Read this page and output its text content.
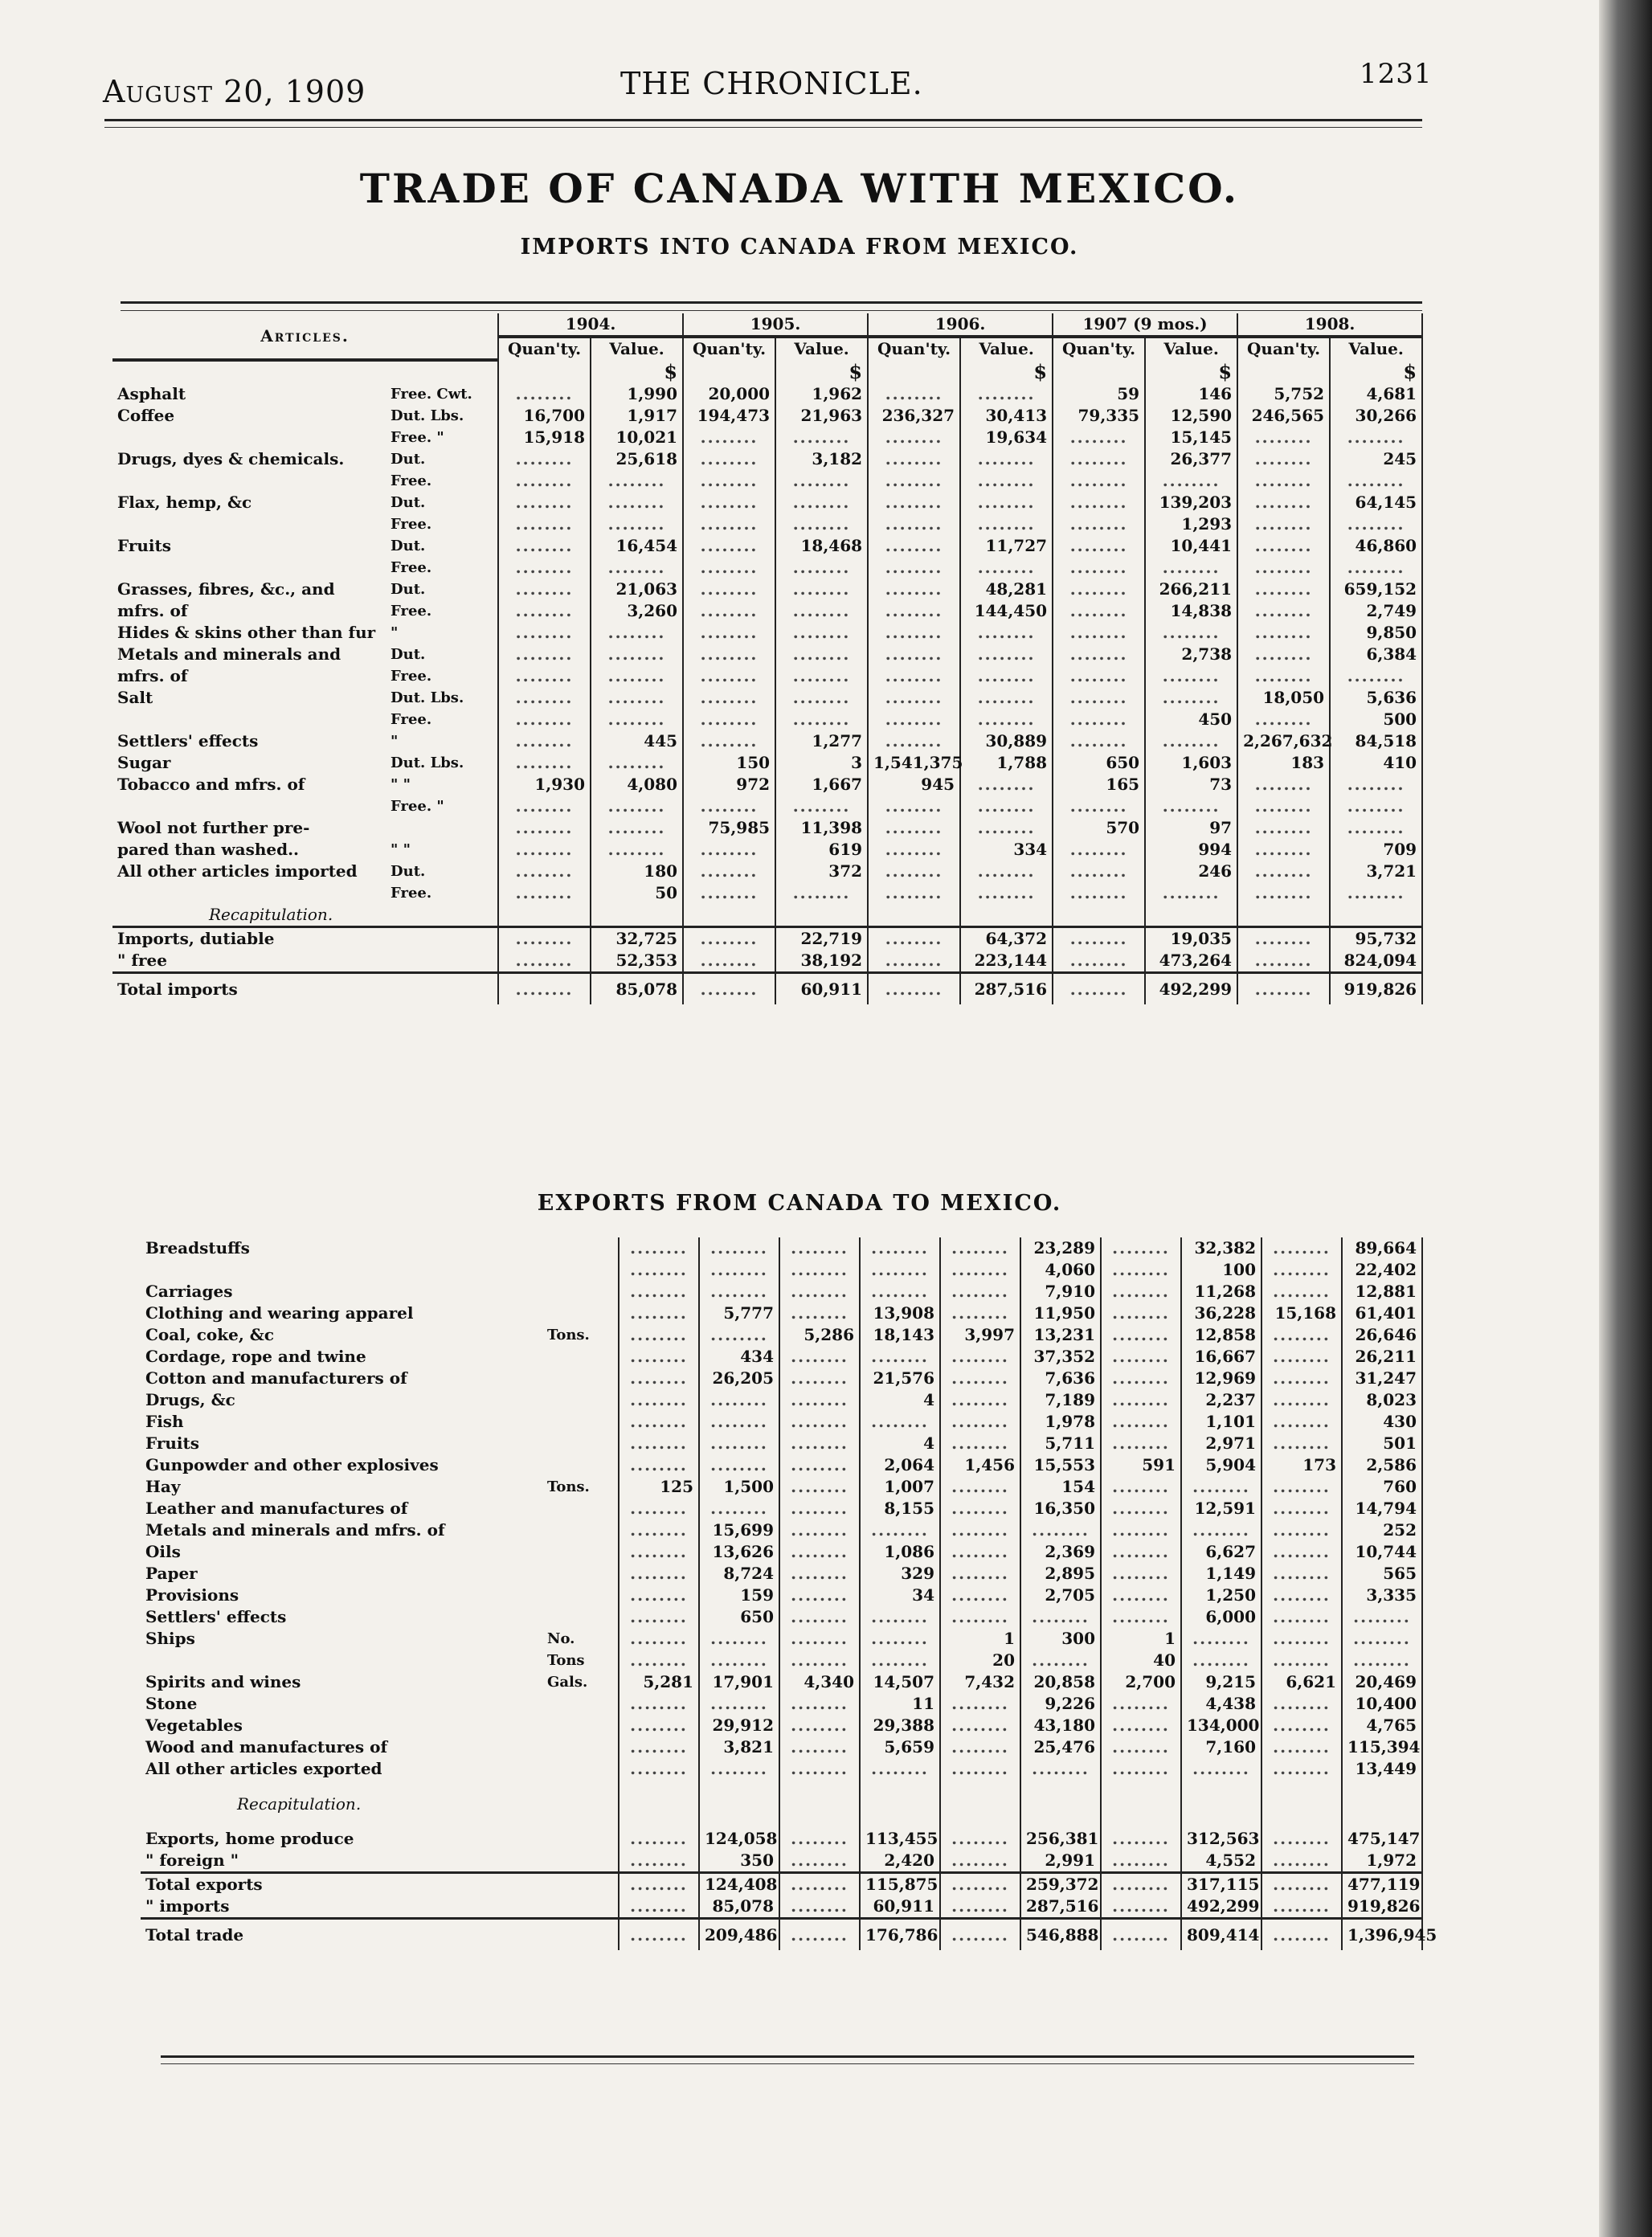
August 20, 1909	THE CHRONICLE.	1231
TRADE OF CANADA WITH MEXICO.
IMPORTS INTO CANADA FROM MEXICO.
Articles.		1904.		1905.		1906.		1907 (9 mos.)		1908.	
		Quan'ty.	Value.	Quan'ty.	Value.	Quan'ty.	Value.	Quan'ty.	Value.	Quan'ty.	Value.
			$		$		$		$		$
Asphalt	Free. Cwt.	........	1,990	20,000	1,962	........	........	59	146	5,752	4,681
Coffee	Dut. Lbs.	16,700	1,917	194,473	21,963	236,327	30,413	79,335	12,590	246,565	30,266
	Free. "	15,918	10,021	........	........	........	19,634	........	15,145	........	........
Drugs, dyes & chemicals.	Dut.	........	25,618	........	3,182	........	........	........	26,377	........	245
	Free.	........	........	........	........	........	........	........	........	........	........
Flax, hemp, &c	Dut.	........	........	........	........	........	........	........	139,203	........	64,145
	Free.	........	........	........	........	........	........	........	1,293	........	........
Fruits	Dut.	........	16,454	........	18,468	........	11,727	........	10,441	........	46,860
	Free.	........	........	........	........	........	........	........	........	........	........
Grasses, fibres, &c., and	Dut.	........	21,063	........	........	........	48,281	........	266,211	........	659,152
mfrs. of	Free.	........	3,260	........	........	........	144,450	........	14,838	........	2,749
Hides & skins other than fur	"	........	........	........	........	........	........	........	........	........	9,850
Metals and minerals and	Dut.	........	........	........	........	........	........	........	2,738	........	6,384
mfrs. of	Free.	........	........	........	........	........	........	........	........	........	........
Salt	Dut. Lbs.	........	........	........	........	........	........	........	........	18,050	5,636
	Free.	........	........	........	........	........	........	........	450	........	500
Settlers' effects	"	........	445	........	1,277	........	30,889	........	........	2,267,632	84,518
Sugar	Dut. Lbs.	........	........	150	3	1,541,375	1,788	650	1,603	183	410
Tobacco and mfrs. of	" "	1,930	4,080	972	1,667	945	........	165	73	........	........
	Free. "	........	........	........	........	........	........	........	........	........	........
Wool not further pre-		........	........	75,985	11,398	........	........	570	97	........	........
pared than washed..	" "	........	........	........	619	........	334	........	994	........	709
All other articles imported	Dut.	........	180	........	372	........	........	........	246	........	3,721
	Free.	........	50	........	........	........	........	........	........	........	........
Recapitulation.											
Imports, dutiable		........	32,725	........	22,719	........	64,372	........	19,035	........	95,732
" free		........	52,353	........	38,192	........	223,144	........	473,264	........	824,094
Total imports		........	85,078	........	60,911	........	287,516	........	492,299	........	919,826
EXPORTS FROM CANADA TO MEXICO.
Breadstuffs		........	........	........	........	........	23,289	........	32,382	........	89,664
		........	........	........	........	........	4,060	........	100	........	22,402
Carriages		........	........	........	........	........	7,910	........	11,268	........	12,881
Clothing and wearing apparel		........	5,777	........	13,908	........	11,950	........	36,228	15,168	61,401
Coal, coke, &c	Tons.	........	........	5,286	18,143	3,997	13,231	........	12,858	........	26,646
Cordage, rope and twine		........	434	........	........	........	37,352	........	16,667	........	26,211
Cotton and manufacturers of		........	26,205	........	21,576	........	7,636	........	12,969	........	31,247
Drugs, &c		........	........	........	4	........	7,189	........	2,237	........	8,023
Fish		........	........	........	........	........	1,978	........	1,101	........	430
Fruits		........	........	........	4	........	5,711	........	2,971	........	501
Gunpowder and other explosives		........	........	........	2,064	1,456	15,553	591	5,904	173	2,586
Hay	Tons.	125	1,500	........	1,007	........	154	........	........	........	760
Leather and manufactures of		........	........	........	8,155	........	16,350	........	12,591	........	14,794
Metals and minerals and mfrs. of		........	15,699	........	........	........	........	........	........	........	252
Oils		........	13,626	........	1,086	........	2,369	........	6,627	........	10,744
Paper		........	8,724	........	329	........	2,895	........	1,149	........	565
Provisions		........	159	........	34	........	2,705	........	1,250	........	3,335
Settlers' effects		........	650	........	........	........	........	........	6,000	........	........
Ships	No.	........	........	........	........	1	300	1	........	........	........
	Tons	........	........	........	........	20	........	40	........	........	........
Spirits and wines	Gals.	5,281	17,901	4,340	14,507	7,432	20,858	2,700	9,215	6,621	20,469
Stone		........	........	........	11	........	9,226	........	4,438	........	10,400
Vegetables		........	29,912	........	29,388	........	43,180	........	134,000	........	4,765
Wood and manufactures of		........	3,821	........	5,659	........	25,476	........	7,160	........	115,394
All other articles exported		........	........	........	........	........	........	........	........	........	13,449
Recapitulation.											
Exports, home produce		........	124,058	........	113,455	........	256,381	........	312,563	........	475,147
" foreign "		........	350	........	2,420	........	2,991	........	4,552	........	1,972
Total exports		........	124,408	........	115,875	........	259,372	........	317,115	........	477,119
" imports		........	85,078	........	60,911	........	287,516	........	492,299	........	919,826
Total trade		........	209,486	........	176,786	........	546,888	........	809,414	........	1,396,945
